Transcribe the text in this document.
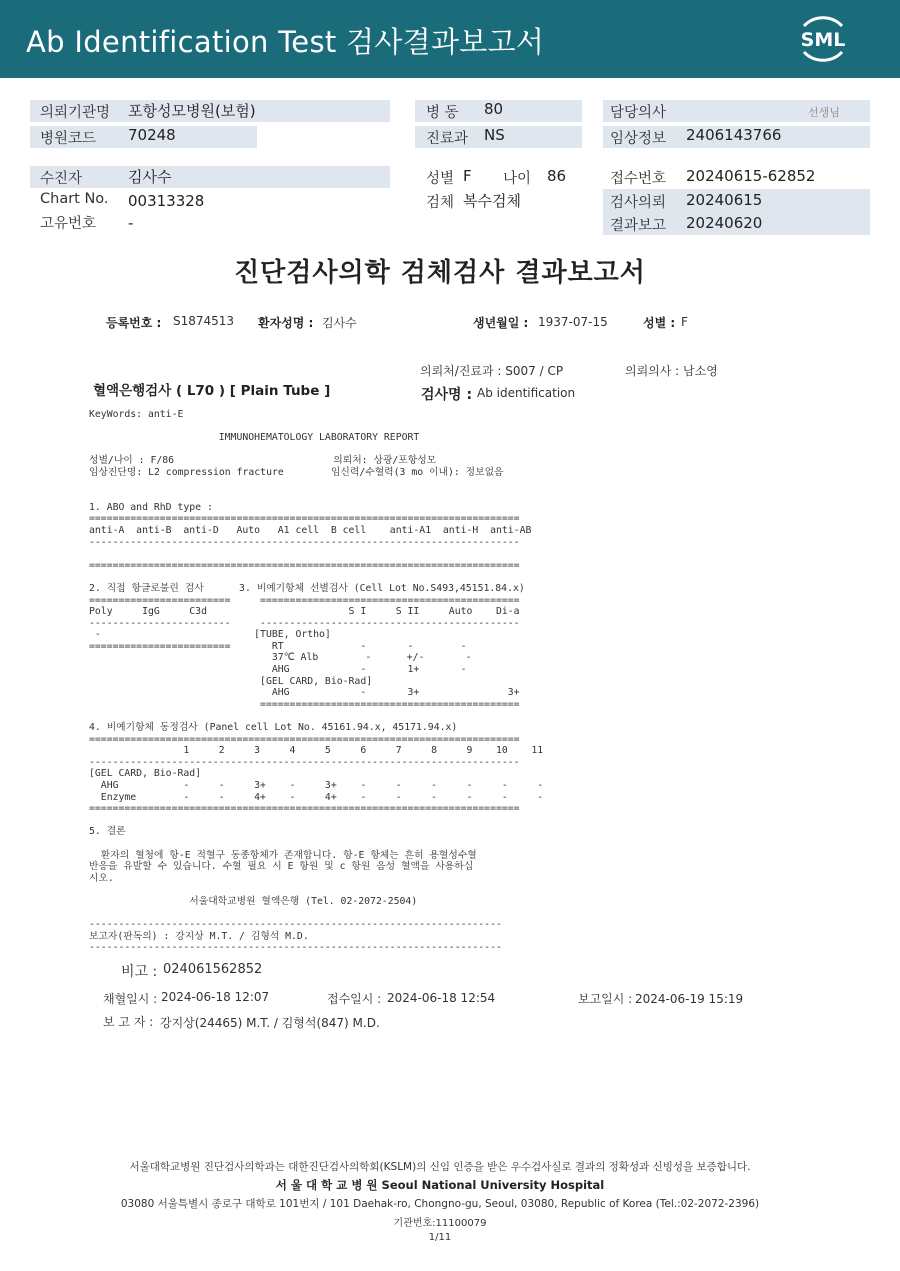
Ab Identification Test 검사결과보고서	SML
의뢰기관명 포항성모병원(보험)
병원코드 70248
병 동 80
진료과 NS
담당의사	선생님
임상정보 2406143766
수진자	김사수
Chart No. 00313328
고유번호 -
성별 F 나이 86
검체 복수검체
접수번호 20240615-62852
검사의뢰 20240615
결과보고 20240620
진단검사의학 검체검사 결과보고서
등록번호 : S1874513 환자성명 : 김사수	생년월일 : 1937-07-15	성별 : F
의뢰처/진료과 : S007 / CP	의뢰의사 : 남소영
혈액은행검사 ( L70 ) [ Plain Tube ]	검사명 : Ab identification
KeyWords: anti-E

IMMUNOHEMATOLOGY LABORATORY REPORT

성별/나이 : F/86                           의뢰처: 상광/포항성모
임상진단명: L2 compression fracture        임신력/수혈력(3 mo 이내): 정보없음

1. ABO and RhD type :
=========================================================================
anti-A  anti-B  anti-D   Auto   A1 cell  B cell    anti-A1  anti-H  anti-AB
-------------------------------------------------------------------------

=========================================================================

2. 직접 항글로불린 검사      3. 비예기항체 선별검사 (Cell Lot No.S493,45151.84.x)
========================     ============================================
Poly     IgG     C3d                        S I     S II     Auto    Di-a
------------------------     --------------------------------------------
-                          [TUBE, Ortho]
========================       RT             -       -        -
37℃ Alb        -      +/-       -
AHG            -       1+       -
[GEL CARD, Bio-Rad]
AHG            -       3+               3+
============================================

4. 비예기항체 동정검사 (Panel cell Lot No. 45161.94.x, 45171.94.x)
=========================================================================
1     2     3     4     5     6     7     8     9    10    11
-------------------------------------------------------------------------
[GEL CARD, Bio-Rad]
AHG           -     -     3+    -     3+    -     -     -     -     -     -
Enzyme        -     -     4+    -     4+    -     -     -     -     -     -
=========================================================================

5. 결론

환자의 혈청에 항-E 적혈구 동종항체가 존재합니다. 항-E 항체는 흔히 용혈성수혈
반응을 유발할 수 있습니다. 수혈 필요 시 E 항원 및 c 항원 음성 혈액을 사용하십
시오.

서울대학교병원 혈액은행 (Tel. 02-2072-2504)

----------------------------------------------------------------------
보고자(판독의) : 강지상 M.T. / 김형석 M.D.
----------------------------------------------------------------------
비고 : 024061562852
채혈일시 : 2024-06-18 12:07	접수일시 : 2024-06-18 12:54	보고일시 : 2024-06-19 15:19
보 고 자 : 강지상(24465) M.T. / 김형석(847) M.D.
서울대학교병원 진단검사의학과는 대한진단검사의학회(KSLM)의 신임 인증을 받은 우수검사실로 결과의 정확성과 신빙성을 보증합니다.
서 울 대 학 교 병 원 Seoul National University Hospital
03080 서울특별시 종로구 대학로 101번지 / 101 Daehak-ro, Chongno-gu, Seoul, 03080, Republic of Korea (Tel.:02-2072-2396)
기관번호:11100079
1/11
